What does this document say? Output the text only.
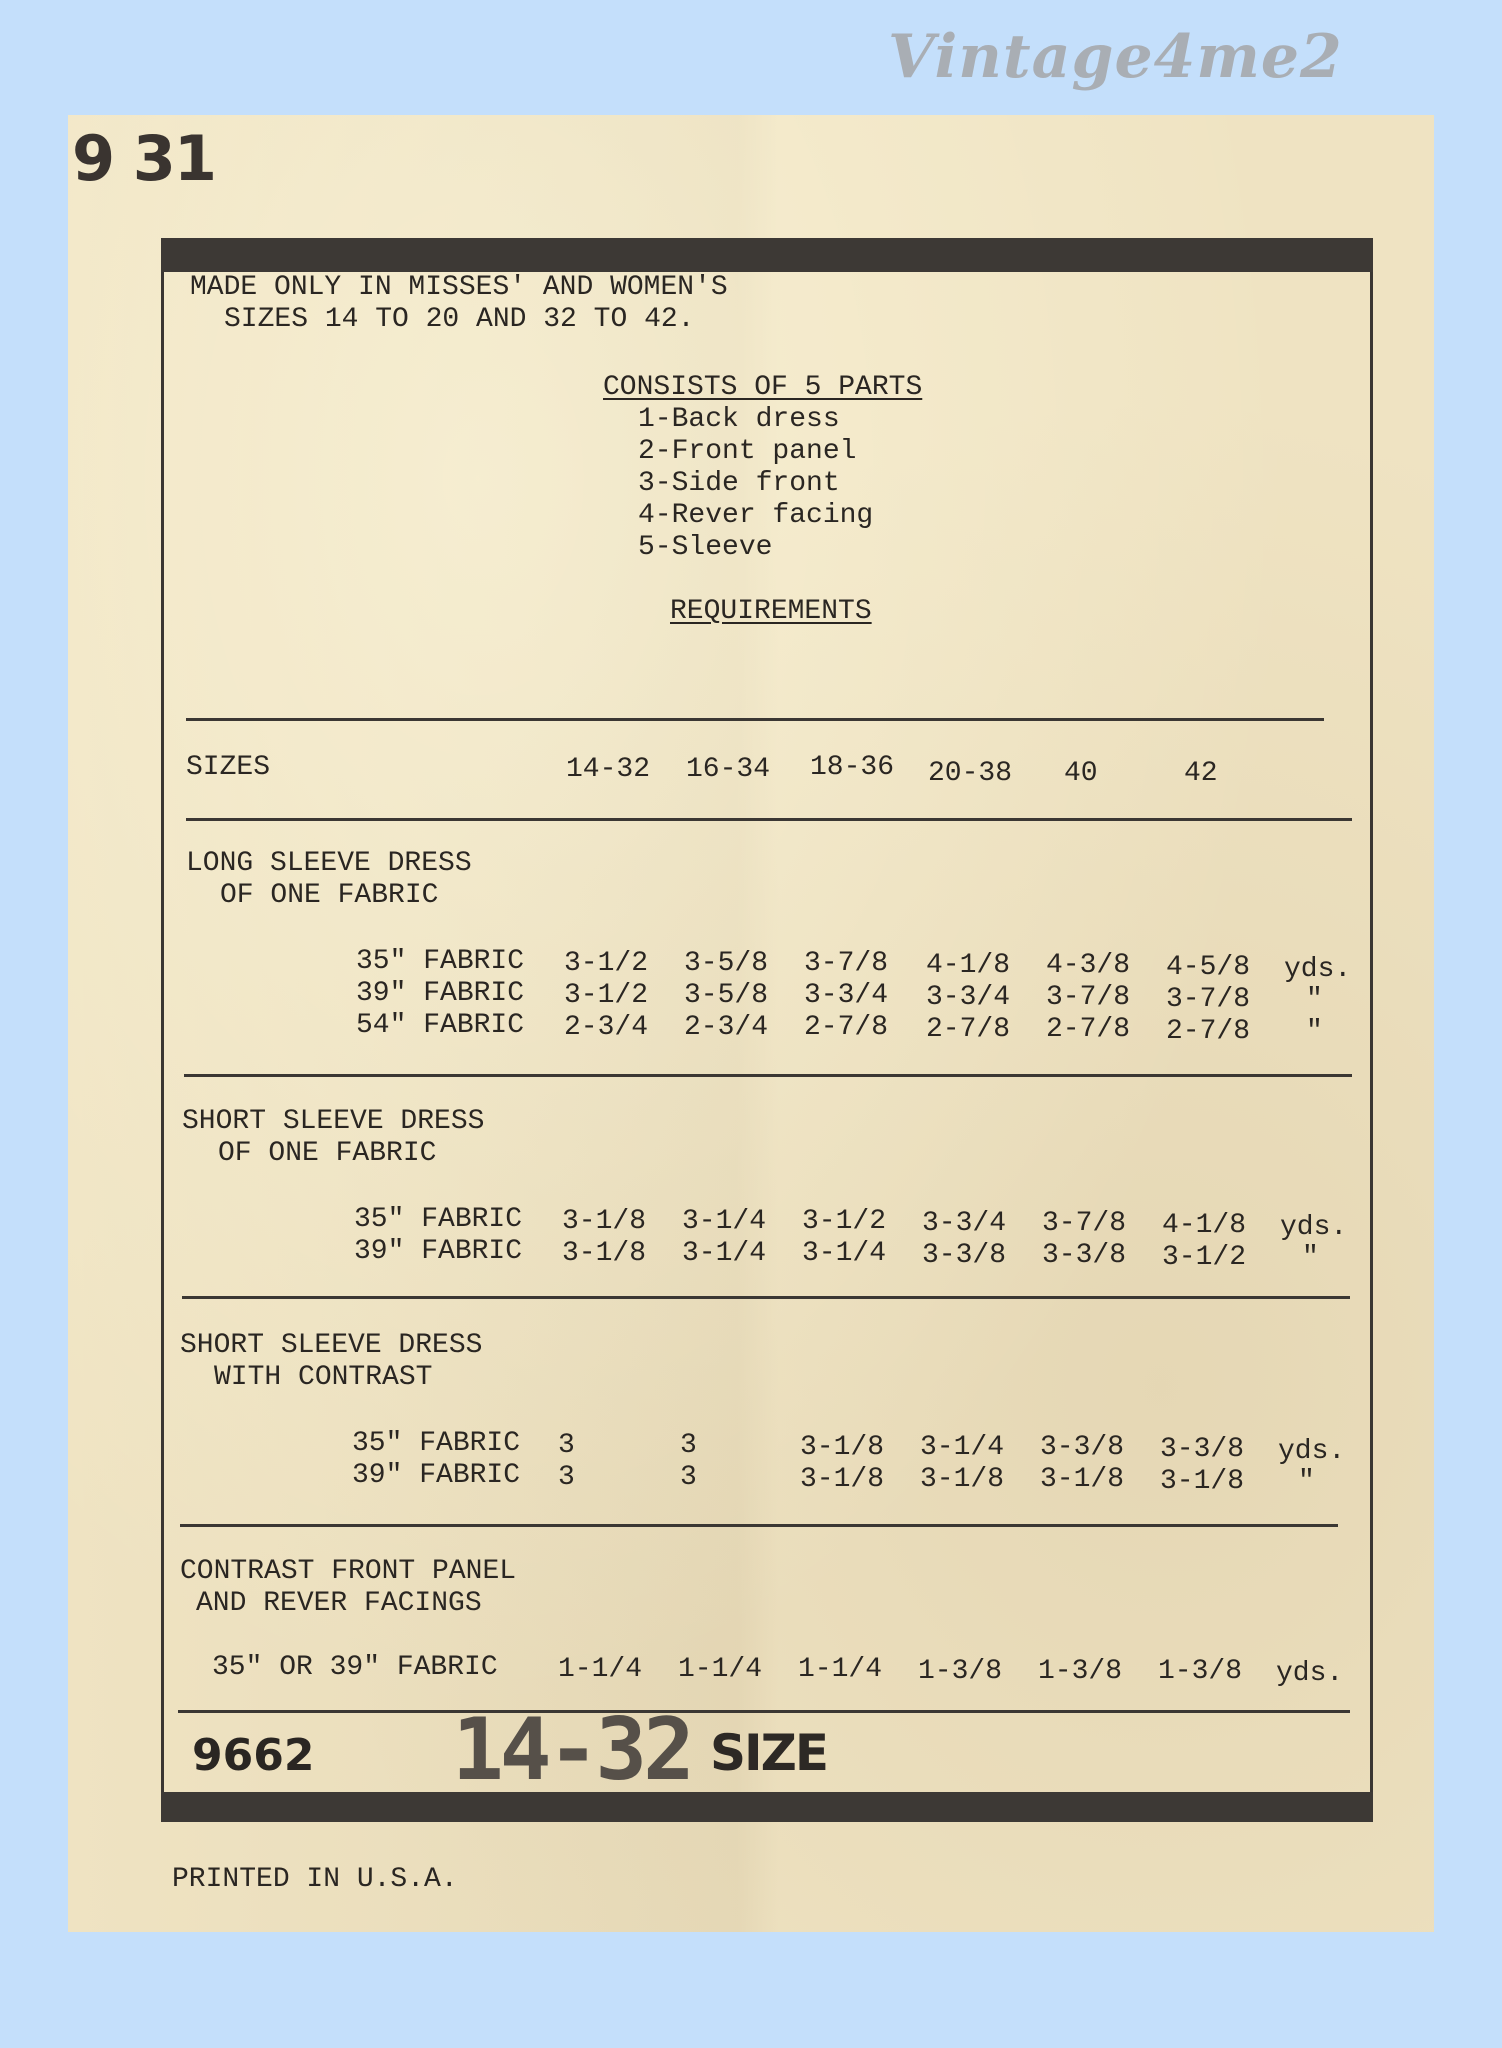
Vintage4me2
9 31
MADE ONLY IN MISSES' AND WOMEN'S
SIZES 14 TO 20 AND 32 TO 42.
CONSISTS OF 5 PARTS
1-Back dress
2-Front panel
3-Side front
4-Rever facing
5-Sleeve
REQUIREMENTS
SIZES	14-32 16-34 18-36 20-38 40	42
LONG SLEEVE DRESS
OF ONE FABRIC
35" FABRIC 3-1/2 3-5/8 3-7/8 4-1/8 4-3/8 4-5/8 yds.
39" FABRIC 3-1/2 3-5/8 3-3/4 3-3/4 3-7/8 3-7/8 "
54" FABRIC 2-3/4 2-3/4 2-7/8 2-7/8 2-7/8 2-7/8 "
SHORT SLEEVE DRESS
OF ONE FABRIC
35" FABRIC 3-1/8 3-1/4 3-1/2 3-3/4 3-7/8 4-1/8 yds.
39" FABRIC 3-1/8 3-1/4 3-1/4 3-3/8 3-3/8 3-1/2 "
SHORT SLEEVE DRESS
WITH CONTRAST
35" FABRIC 3	3	3-1/8 3-1/4 3-3/8 3-3/8 yds.
39" FABRIC 3	3	3-1/8 3-1/8 3-1/8 3-1/8 "
CONTRAST FRONT PANEL
AND REVER FACINGS
35" OR 39" FABRIC 1-1/4 1-1/4 1-1/4 1-3/8 1-3/8 1-3/8 yds.
9662	14-32 SIZE
PRINTED IN U.S.A.
